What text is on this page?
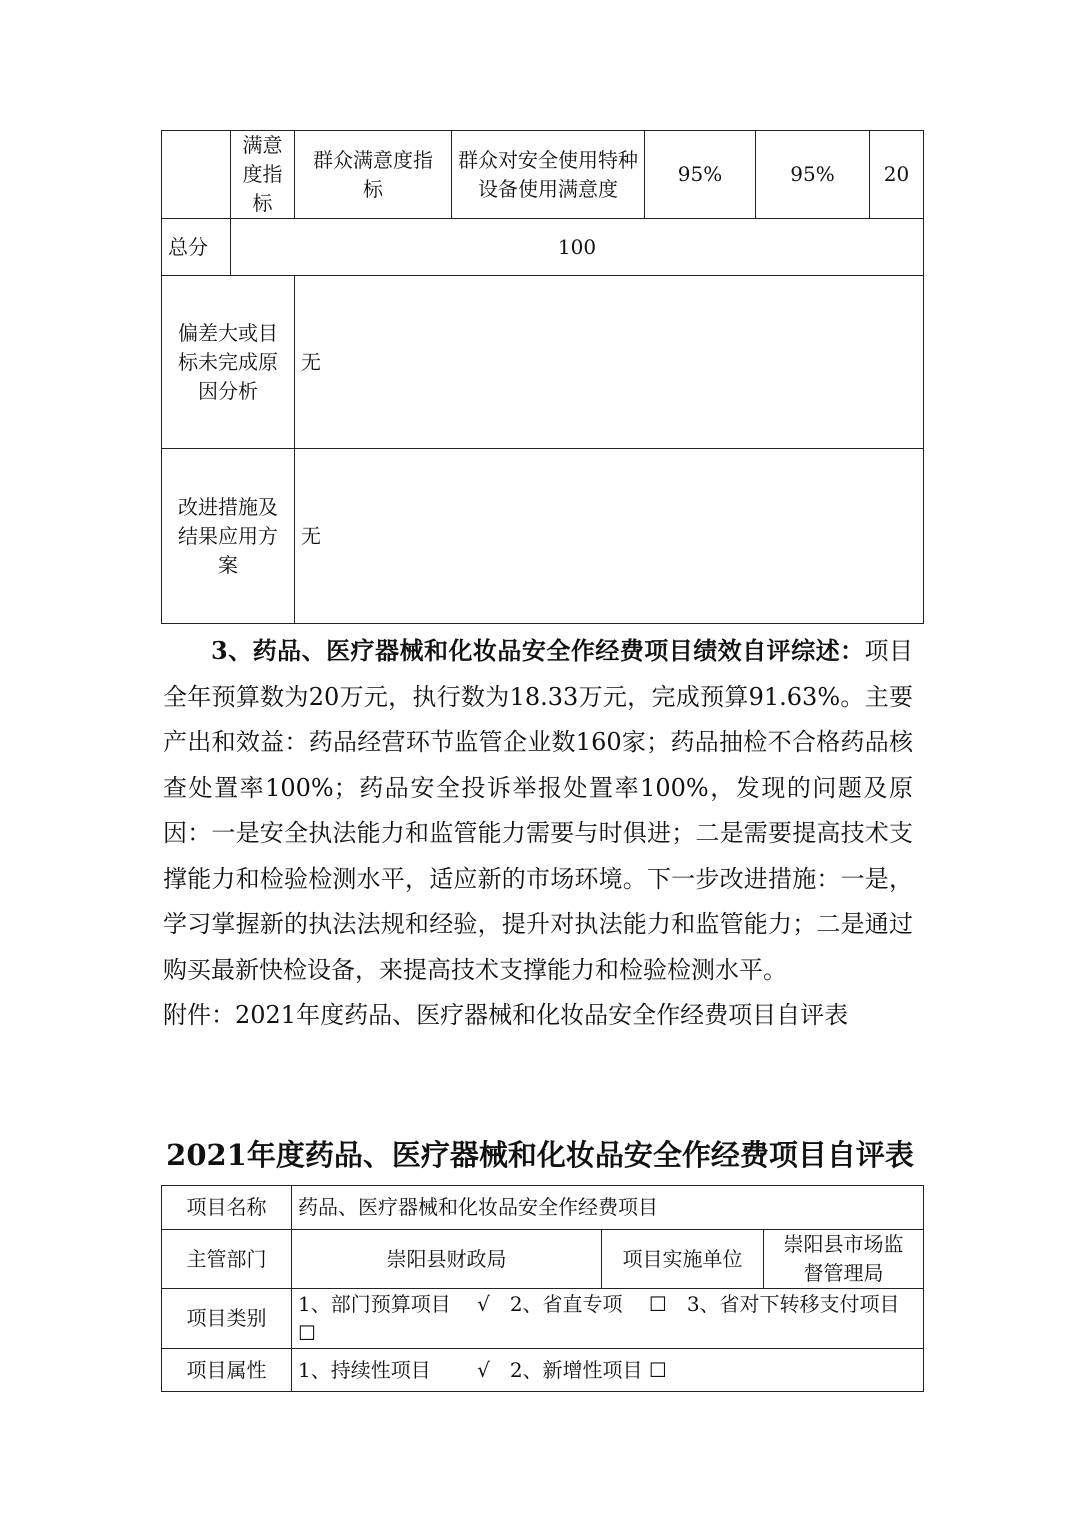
	满意度指标	群众满意度指标	群众对安全使用特种设备使用满意度	95%	95%	20
总分	100					
偏差大或目标未完成原因分析		无				
改进措施及结果应用方案		无				

3、药品、医疗器械和化妆品安全作经费项目绩效自评综述：项目全年预算数为20万元，执行数为18.33万元，完成预算91.63%。主要产出和效益：药品经营环节监管企业数160家；药品抽检不合格药品核查处置率100%；药品安全投诉举报处置率100%，发现的问题及原因：一是安全执法能力和监管能力需要与时俱进；二是需要提高技术支撑能力和检验检测水平，适应新的市场环境。下一步改进措施：一是，学习掌握新的执法法规和经验，提升对执法能力和监管能力；二是通过购买最新快检设备，来提高技术支撑能力和检验检测水平。

附件：2021年度药品、医疗器械和化妆品安全作经费项目自评表

2021年度药品、医疗器械和化妆品安全作经费项目自评表
项目名称	药品、医疗器械和化妆品安全作经费项目		
主管部门	崇阳县财政局	项目实施单位	崇阳县市场监督管理局
项目类别	1、部门预算项目　 √　2、省直专项　 ☐　3、省对下转移支付项目 ☐		
项目属性	1、持续性项目　　 √　2、新增性项目 ☐		
